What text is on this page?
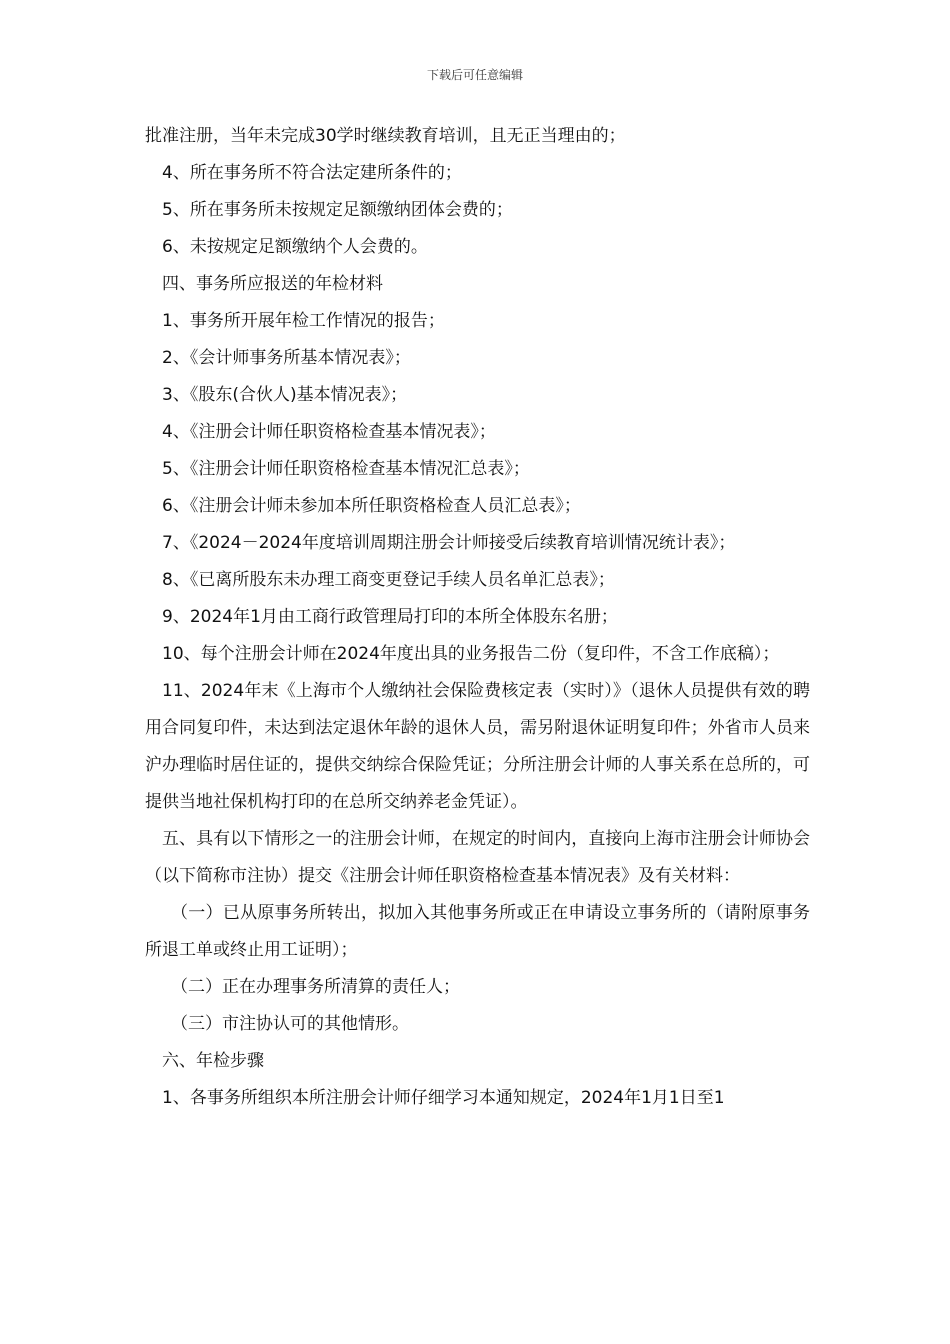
下载后可任意编辑

批准注册，当年未完成30学时继续教育培训，且无正当理由的；

4、所在事务所不符合法定建所条件的；

5、所在事务所未按规定足额缴纳团体会费的；

6、未按规定足额缴纳个人会费的。

四、事务所应报送的年检材料

1、事务所开展年检工作情况的报告；

2、《会计师事务所基本情况表》；

3、《股东(合伙人)基本情况表》；

4、《注册会计师任职资格检查基本情况表》；

5、《注册会计师任职资格检查基本情况汇总表》；

6、《注册会计师未参加本所任职资格检查人员汇总表》；

7、《2024－2024年度培训周期注册会计师接受后续教育培训情况统计表》；

8、《已离所股东未办理工商变更登记手续人员名单汇总表》；

9、2024年1月由工商行政管理局打印的本所全体股东名册；

10、每个注册会计师在2024年度出具的业务报告二份（复印件，不含工作底稿）；

11、2024年末《上海市个人缴纳社会保险费核定表（实时）》（退休人员提供有效的聘用合同复印件，未达到法定退休年龄的退休人员，需另附退休证明复印件；外省市人员来沪办理临时居住证的，提供交纳综合保险凭证；分所注册会计师的人事关系在总所的，可提供当地社保机构打印的在总所交纳养老金凭证）。

五、具有以下情形之一的注册会计师，在规定的时间内，直接向上海市注册会计师协会（以下简称市注协）提交《注册会计师任职资格检查基本情况表》及有关材料：

（一）已从原事务所转出，拟加入其他事务所或正在申请设立事务所的（请附原事务所退工单或终止用工证明）；

（二）正在办理事务所清算的责任人；

（三）市注协认可的其他情形。

六、年检步骤

1、各事务所组织本所注册会计师仔细学习本通知规定，2024年1月1日至1
